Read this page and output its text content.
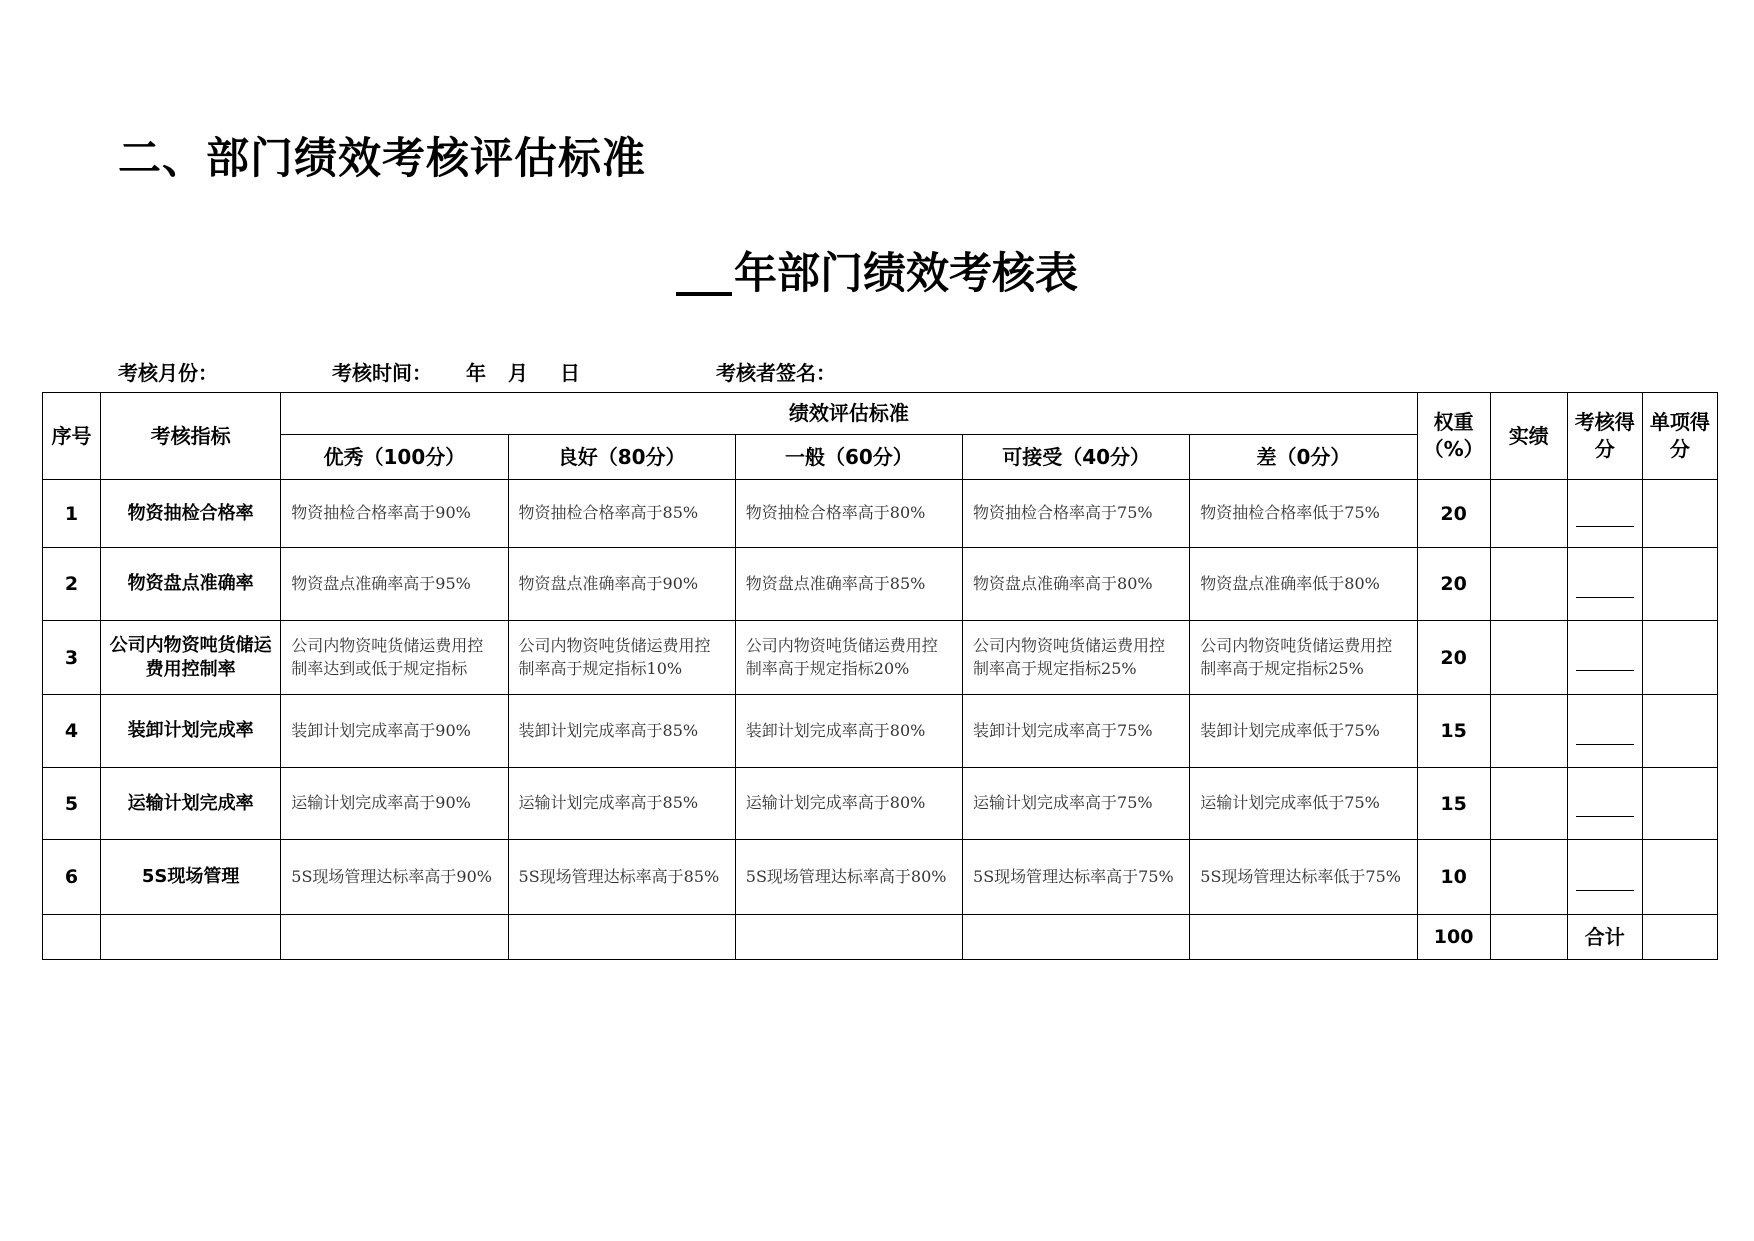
二、部门绩效考核评估标准
年部门绩效考核表
考核月份：	考核时间： 年 月 日	考核者签名：
序号	考核指标	绩效评估标准					权重（%）	实绩	考核得分	单项得分
		优秀（100分）	良好（80分）	一般（60分）	可接受（40分）	差（0分）				
1	物资抽检合格率	物资抽检合格率高于90%	物资抽检合格率高于85%	物资抽检合格率高于80%	物资抽检合格率高于75%	物资抽检合格率低于75%	20		

2	物资盘点准确率	物资盘点准确率高于95%	物资盘点准确率高于90%	物资盘点准确率高于85%	物资盘点准确率高于80%	物资盘点准确率低于80%	20		

3	公司内物资吨货储运费用控制率	公司内物资吨货储运费用控制率达到或低于规定指标	公司内物资吨货储运费用控制率高于规定指标10%	公司内物资吨货储运费用控制率高于规定指标20%	公司内物资吨货储运费用控制率高于规定指标25%	公司内物资吨货储运费用控制率高于规定指标25%	20		

4	装卸计划完成率	装卸计划完成率高于90%	装卸计划完成率高于85%	装卸计划完成率高于80%	装卸计划完成率高于75%	装卸计划完成率低于75%	15		

5	运输计划完成率	运输计划完成率高于90%	运输计划完成率高于85%	运输计划完成率高于80%	运输计划完成率高于75%	运输计划完成率低于75%	15		

6	5S现场管理	5S现场管理达标率高于90%	5S现场管理达标率高于85%	5S现场管理达标率高于80%	5S现场管理达标率高于75%	5S现场管理达标率低于75%	10		

							100		合计	
